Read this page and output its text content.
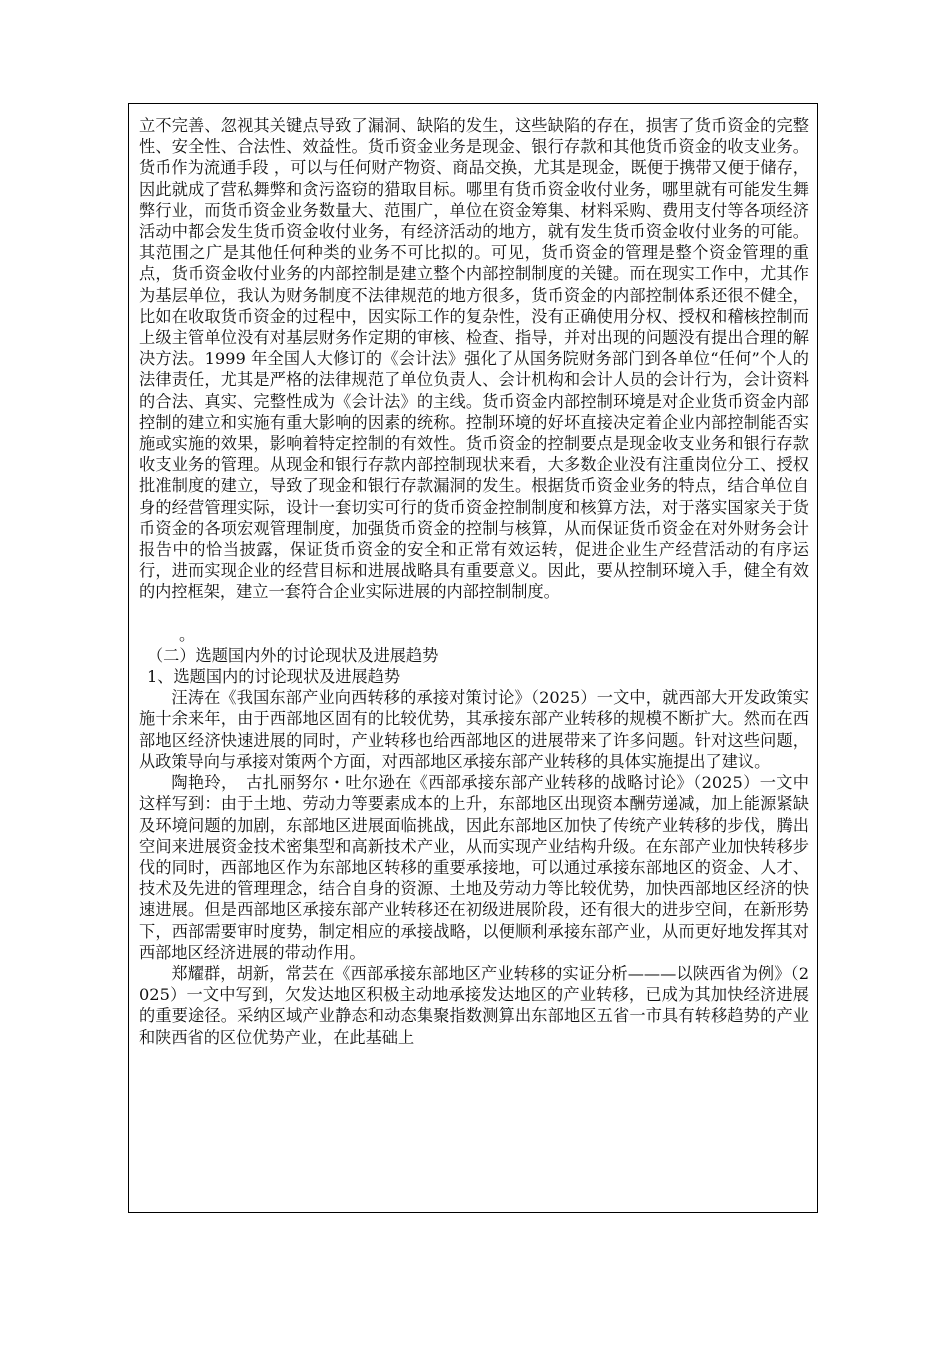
立不完善、忽视其关键点导致了漏洞、缺陷的发生，这些缺陷的存在，损害了货币资金的完整性、安全性、合法性、效益性。货币资金业务是现金、银行存款和其他货币资金的收支业务。货币作为流通手段 ，可以与任何财产物资、商品交换，尤其是现金，既便于携带又便于储存，因此就成了营私舞弊和贪污盗窃的猎取目标。哪里有货币资金收付业务，哪里就有可能发生舞弊行业，而货币资金业务数量大、范围广，单位在资金筹集、材料采购、费用支付等各项经济活动中都会发生货币资金收付业务，有经济活动的地方，就有发生货币资金收付业务的可能。其范围之广是其他任何种类的业务不可比拟的。可见，货币资金的管理是整个资金管理的重点，货币资金收付业务的内部控制是建立整个内部控制制度的关键。而在现实工作中，尤其作为基层单位，我认为财务制度不法律规范的地方很多，货币资金的内部控制体系还很不健全，比如在收取货币资金的过程中，因实际工作的复杂性，没有正确使用分权、授权和稽核控制而上级主管单位没有对基层财务作定期的审核、检查、指导，并对出现的问题没有提出合理的解决方法。1999 年全国人大修订的《会计法》强化了从国务院财务部门到各单位“任何”个人的法律责任，尤其是严格的法律规范了单位负责人、会计机构和会计人员的会计行为，会计资料的合法、真实、完整性成为《会计法》的主线。货币资金内部控制环境是对企业货币资金内部控制的建立和实施有重大影响的因素的统称。控制环境的好坏直接决定着企业内部控制能否实施或实施的效果，影响着特定控制的有效性。货币资金的控制要点是现金收支业务和银行存款收支业务的管理。从现金和银行存款内部控制现状来看，大多数企业没有注重岗位分工、授权批准制度的建立，导致了现金和银行存款漏洞的发生。根据货币资金业务的特点，结合单位自身的经营管理实际，设计一套切实可行的货币资金控制制度和核算方法，对于落实国家关于货币资金的各项宏观管理制度，加强货币资金的控制与核算，从而保证货币资金在对外财务会计报告中的恰当披露，保证货币资金的安全和正常有效运转，促进企业生产经营活动的有序运行，进而实现企业的经营目标和进展战略具有重要意义。因此，要从控制环境入手，健全有效的内控框架，建立一套符合企业实际进展的内部控制制度。

。

（二）选题国内外的讨论现状及进展趋势

1、选题国内的讨论现状及进展趋势

汪涛在《我国东部产业向西转移的承接对策讨论》（2025）一文中，就西部大开发政策实施十余来年，由于西部地区固有的比较优势，其承接东部产业转移的规模不断扩大。然而在西部地区经济快速进展的同时，产业转移也给西部地区的进展带来了许多问题。针对这些问题，从政策导向与承接对策两个方面，对西部地区承接东部产业转移的具体实施提出了建议。

陶艳玲，　古扎丽努尔・吐尔逊在《西部承接东部产业转移的战略讨论》（2025）一文中这样写到：由于土地、劳动力等要素成本的上升，东部地区出现资本酬劳递减，加上能源紧缺及环境问题的加剧，东部地区进展面临挑战，因此东部地区加快了传统产业转移的步伐，腾出空间来进展资金技术密集型和高新技术产业，从而实现产业结构升级。在东部产业加快转移步伐的同时，西部地区作为东部地区转移的重要承接地，可以通过承接东部地区的资金、人才、技术及先进的管理理念，结合自身的资源、土地及劳动力等比较优势，加快西部地区经济的快速进展。但是西部地区承接东部产业转移还在初级进展阶段，还有很大的进步空间，在新形势下，西部需要审时度势，制定相应的承接战略，以便顺利承接东部产业，从而更好地发挥其对西部地区经济进展的带动作用。

郑耀群，胡新，常芸在《西部承接东部地区产业转移的实证分析———以陕西省为例》（2025）一文中写到，欠发达地区积极主动地承接发达地区的产业转移，已成为其加快经济进展的重要途径。采纳区域产业静态和动态集聚指数测算出东部地区五省一市具有转移趋势的产业和陕西省的区位优势产业，在此基础上
